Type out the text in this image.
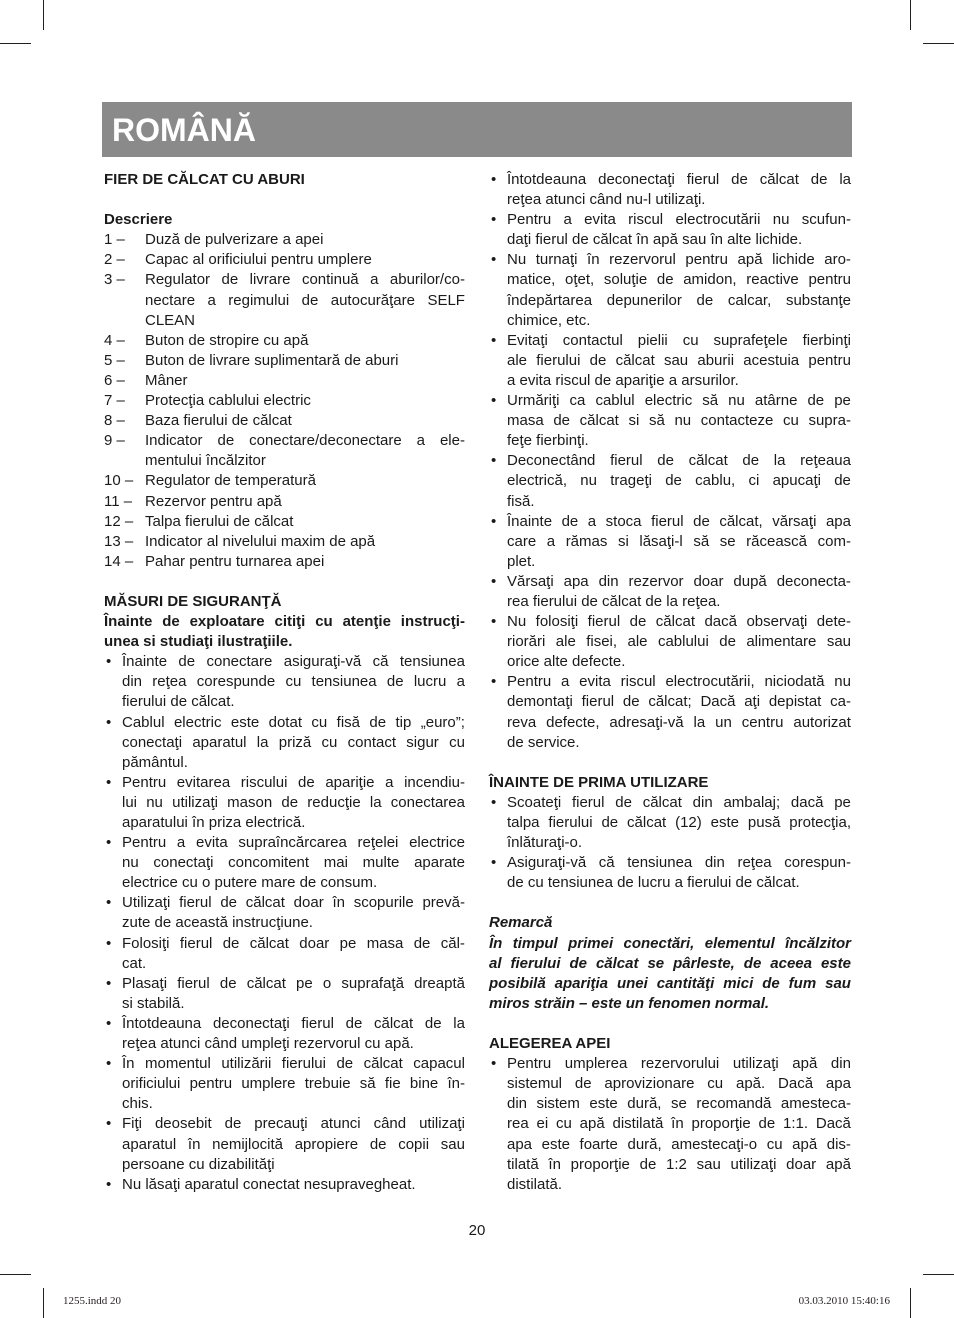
ROMÂNĂ
FIER DE CĂLCAT CU ABURI
Descriere
1 –	Duză de pulverizare a apei
2 –	Capac al orificiului pentru umplere
3 –	Regulator de livrare continuă a aburilor/co-
nectare a regimului de autocurăţare SELF
CLEAN
4 –	Buton de stropire cu apă
5 –	Buton de livrare suplimentară de aburi
6 –	Mâner
7 –	Protecţia cablului electric
8 –	Baza fierului de călcat
9 –	Indicator de conectare/deconectare a ele-
mentului încălzitor
10 – Regulator de temperatură
11 – Rezervor pentru apă
12 – Talpa fierului de călcat
13 – Indicator al nivelului maxim de apă
14 – Pahar pentru turnarea apei
MĂSURI DE SIGURANŢĂ
Înainte de exploatare citiţi cu atenţie instrucţi-
unea si studiaţi ilustraţiile.
• Înainte de conectare asiguraţi-vă că tensiunea
din reţea corespunde cu tensiunea de lucru a
fierului de călcat.
• Cablul electric este dotat cu fisă de tip „euro”;
conectaţi aparatul la priză cu contact sigur cu
pământul.
• Pentru evitarea riscului de apariţie a incendiu-
lui nu utilizaţi mason de reducţie la conectarea
aparatului în priza electrică.
• Pentru a evita supraîncărcarea reţelei electrice
nu conectaţi concomitent mai multe aparate
electrice cu o putere mare de consum.
• Utilizaţi fierul de călcat doar în scopurile prevă-
zute de această instrucţiune.
• Folosiţi fierul de călcat doar pe masa de căl-
cat.
• Plasaţi fierul de călcat pe o suprafaţă dreaptă
si stabilă.
• Întotdeauna deconectaţi fierul de călcat de la
reţea atunci când umpleţi rezervorul cu apă.
• În momentul utilizării fierului de călcat capacul
orificiului pentru umplere trebuie să fie bine în-
chis.
• Fiţi deosebit de precauţi atunci când utilizaţi
aparatul în nemijlocită apropiere de copii sau
persoane cu dizabilităţi
• Nu lăsaţi aparatul conectat nesupravegheat.
• Întotdeauna deconectaţi fierul de călcat de la
reţea atunci când nu-l utilizaţi.
• Pentru a evita riscul electrocutării nu scufun-
daţi fierul de călcat în apă sau în alte lichide.
• Nu turnaţi în rezervorul pentru apă lichide aro-
matice, oţet, soluţie de amidon, reactive pentru
îndepărtarea depunerilor de calcar, substanţe
chimice, etc.
• Evitaţi contactul pielii cu suprafeţele fierbinţi
ale fierului de călcat sau aburii acestuia pentru
a evita riscul de apariţie a arsurilor.
• Urmăriţi ca cablul electric să nu atârne de pe
masa de călcat si să nu contacteze cu supra-
feţe fierbinţi.
• Deconectând fierul de călcat de la reţeaua
electrică, nu trageţi de cablu, ci apucaţi de
fisă.
• Înainte de a stoca fierul de călcat, vărsaţi apa
care a rămas si lăsaţi-l să se răcească com-
plet.
• Vărsaţi apa din rezervor doar după deconecta-
rea fierului de călcat de la reţea.
• Nu folosiţi fierul de călcat dacă observaţi dete-
riorări ale fisei, ale cablului de alimentare sau
orice alte defecte.
• Pentru a evita riscul electrocutării, niciodată nu
demontaţi fierul de călcat; Dacă aţi depistat ca-
reva defecte, adresaţi-vă la un centru autorizat
de service.
ÎNAINTE DE PRIMA UTILIZARE
• Scoateţi fierul de călcat din ambalaj; dacă pe
talpa fierului de călcat (12) este pusă protecţia,
înlăturaţi-o.
• Asiguraţi-vă că tensiunea din reţea corespun-
de cu tensiunea de lucru a fierului de călcat.
Remarcă
În timpul primei conectări, elementul încălzitor
al fierului de călcat se pârleste, de aceea este
posibilă apariţia unei cantităţi mici de fum sau
miros străin – este un fenomen normal.
ALEGEREA APEI
• Pentru umplerea rezervorului utilizaţi apă din
sistemul de aprovizionare cu apă. Dacă apa
din sistem este dură, se recomandă amesteca-
rea ei cu apă distilată în proporţie de 1:1. Dacă
apa este foarte dură, amestecaţi-o cu apă dis-
tilată în proporţie de 1:2 sau utilizaţi doar apă
distilată.
20
1255.indd 20	03.03.2010 15:40:16
